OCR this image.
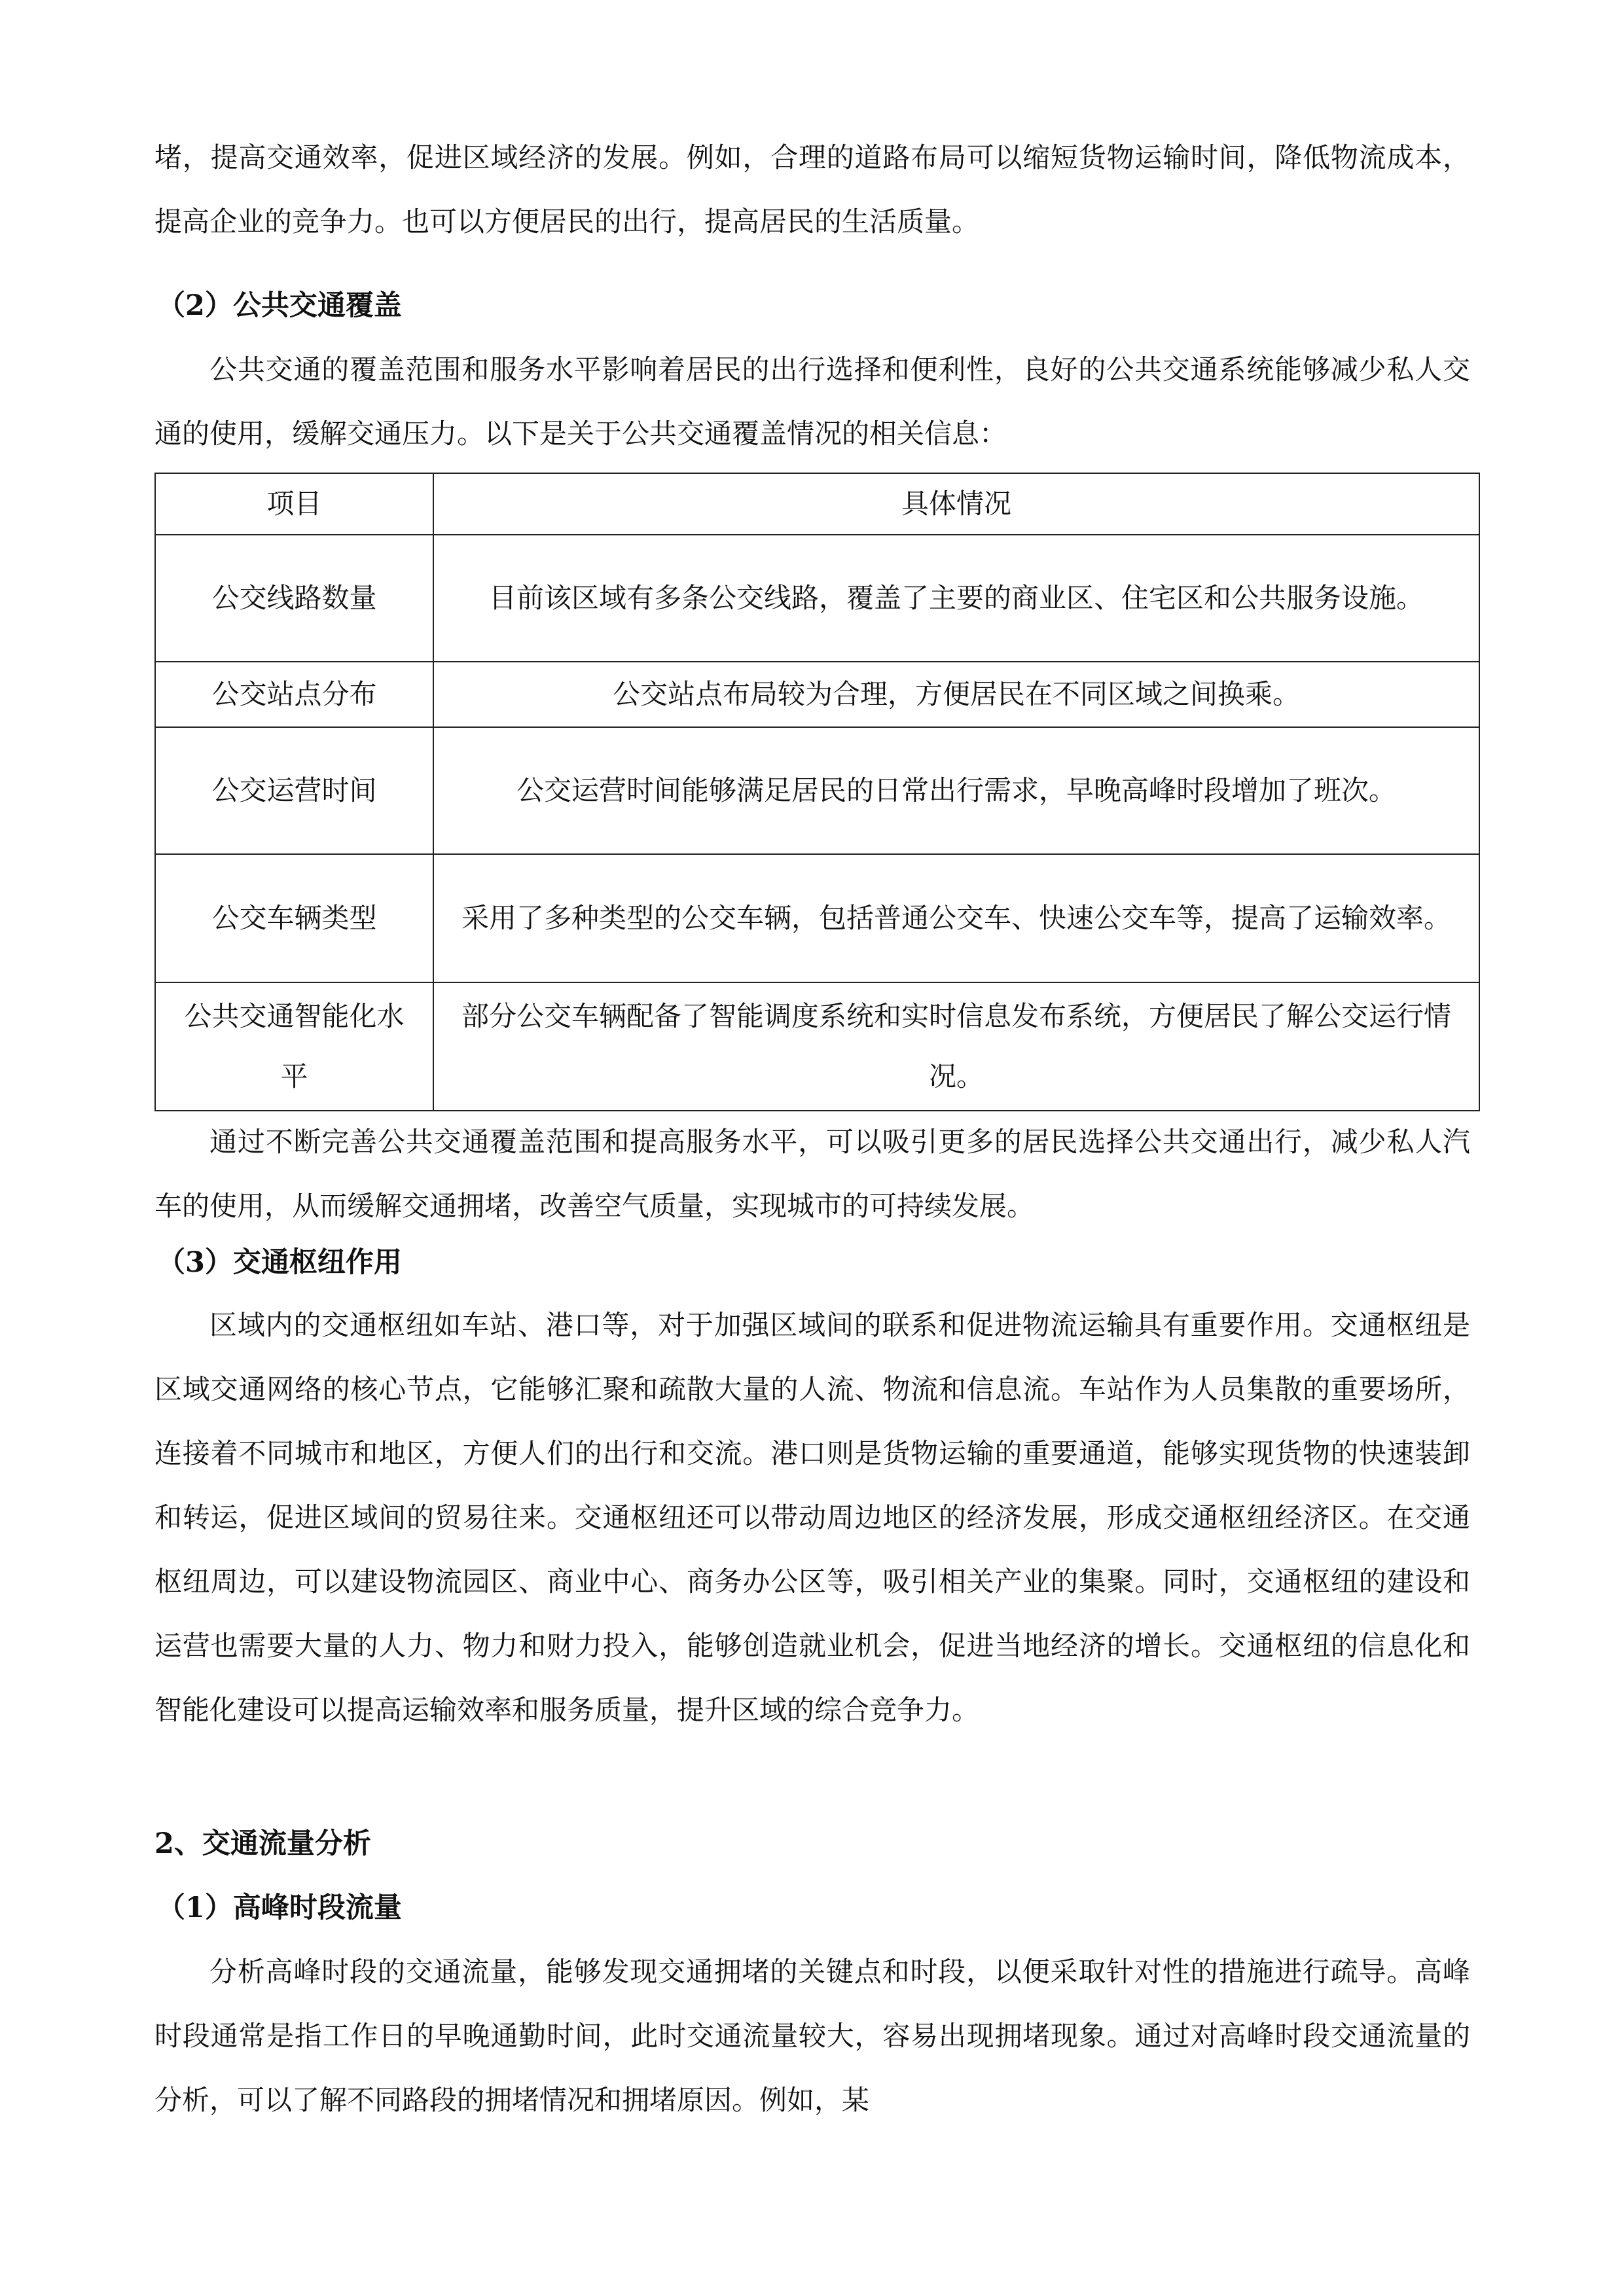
堵，提高交通效率，促进区域经济的发展。例如，合理的道路布局可以缩短货物运输时间，降低物流成本，提高企业的竞争力。也可以方便居民的出行，提高居民的生活质量。

（2）公共交通覆盖

公共交通的覆盖范围和服务水平影响着居民的出行选择和便利性，良好的公共交通系统能够减少私人交通的使用，缓解交通压力。以下是关于公共交通覆盖情况的相关信息：

项目	具体情况
公交线路数量	目前该区域有多条公交线路，覆盖了主要的商业区、住宅区和公共服务设施。
公交站点分布	公交站点布局较为合理，方便居民在不同区域之间换乘。
公交运营时间	公交运营时间能够满足居民的日常出行需求，早晚高峰时段增加了班次。
公交车辆类型	采用了多种类型的公交车辆，包括普通公交车、快速公交车等，提高了运输效率。
公共交通智能化水平	部分公交车辆配备了智能调度系统和实时信息发布系统，方便居民了解公交运行情况。

通过不断完善公共交通覆盖范围和提高服务水平，可以吸引更多的居民选择公共交通出行，减少私人汽车的使用，从而缓解交通拥堵，改善空气质量，实现城市的可持续发展。

（3）交通枢纽作用

区域内的交通枢纽如车站、港口等，对于加强区域间的联系和促进物流运输具有重要作用。交通枢纽是区域交通网络的核心节点，它能够汇聚和疏散大量的人流、物流和信息流。车站作为人员集散的重要场所，连接着不同城市和地区，方便人们的出行和交流。港口则是货物运输的重要通道，能够实现货物的快速装卸和转运，促进区域间的贸易往来。交通枢纽还可以带动周边地区的经济发展，形成交通枢纽经济区。在交通枢纽周边，可以建设物流园区、商业中心、商务办公区等，吸引相关产业的集聚。同时，交通枢纽的建设和运营也需要大量的人力、物力和财力投入，能够创造就业机会，促进当地经济的增长。交通枢纽的信息化和智能化建设可以提高运输效率和服务质量，提升区域的综合竞争力。

2、交通流量分析

（1）高峰时段流量

分析高峰时段的交通流量，能够发现交通拥堵的关键点和时段，以便采取针对性的措施进行疏导。高峰时段通常是指工作日的早晚通勤时间，此时交通流量较大，容易出现拥堵现象。通过对高峰时段交通流量的分析，可以了解不同路段的拥堵情况和拥堵原因。例如，某
